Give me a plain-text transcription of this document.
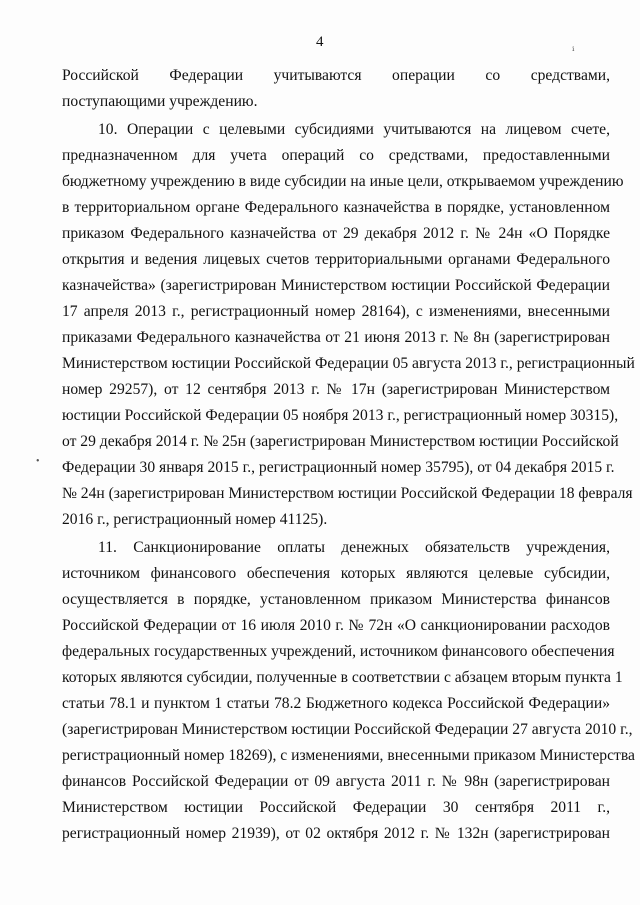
4
ⁱ
•
Российской Федерации учитываются операции со средствами,
поступающими учреждению.
10. Операции с целевыми субсидиями учитываются на лицевом счете,
предназначенном для учета операций со средствами, предоставленными
бюджетному учреждению в виде субсидии на иные цели, открываемом учреждению
в территориальном органе Федерального казначейства в порядке, установленном
приказом Федерального казначейства от 29 декабря 2012 г. № 24н «О Порядке
открытия и ведения лицевых счетов территориальными органами Федерального
казначейства» (зарегистрирован Министерством юстиции Российской Федерации
17 апреля 2013 г., регистрационный номер 28164), с изменениями, внесенными
приказами Федерального казначейства от 21 июня 2013 г. № 8н (зарегистрирован
Министерством юстиции Российской Федерации 05 августа 2013 г., регистрационный
номер 29257), от 12 сентября 2013 г. № 17н (зарегистрирован Министерством
юстиции Российской Федерации 05 ноября 2013 г., регистрационный номер 30315),
от 29 декабря 2014 г. № 25н (зарегистрирован Министерством юстиции Российской
Федерации 30 января 2015 г., регистрационный номер 35795), от 04 декабря 2015 г.
№ 24н (зарегистрирован Министерством юстиции Российской Федерации 18 февраля
2016 г., регистрационный номер 41125).
11. Санкционирование оплаты денежных обязательств учреждения,
источником финансового обеспечения которых являются целевые субсидии,
осуществляется в порядке, установленном приказом Министерства финансов
Российской Федерации от 16 июля 2010 г. № 72н «О санкционировании расходов
федеральных государственных учреждений, источником финансового обеспечения
которых являются субсидии, полученные в соответствии с абзацем вторым пункта 1
статьи 78.1 и пунктом 1 статьи 78.2 Бюджетного кодекса Российской Федерации»
(зарегистрирован Министерством юстиции Российской Федерации 27 августа 2010 г.,
регистрационный номер 18269), с изменениями, внесенными приказом Министерства
финансов Российской Федерации от 09 августа 2011 г. № 98н (зарегистрирован
Министерством юстиции Российской Федерации 30 сентября 2011 г.,
регистрационный номер 21939), от 02 октября 2012 г. № 132н (зарегистрирован
